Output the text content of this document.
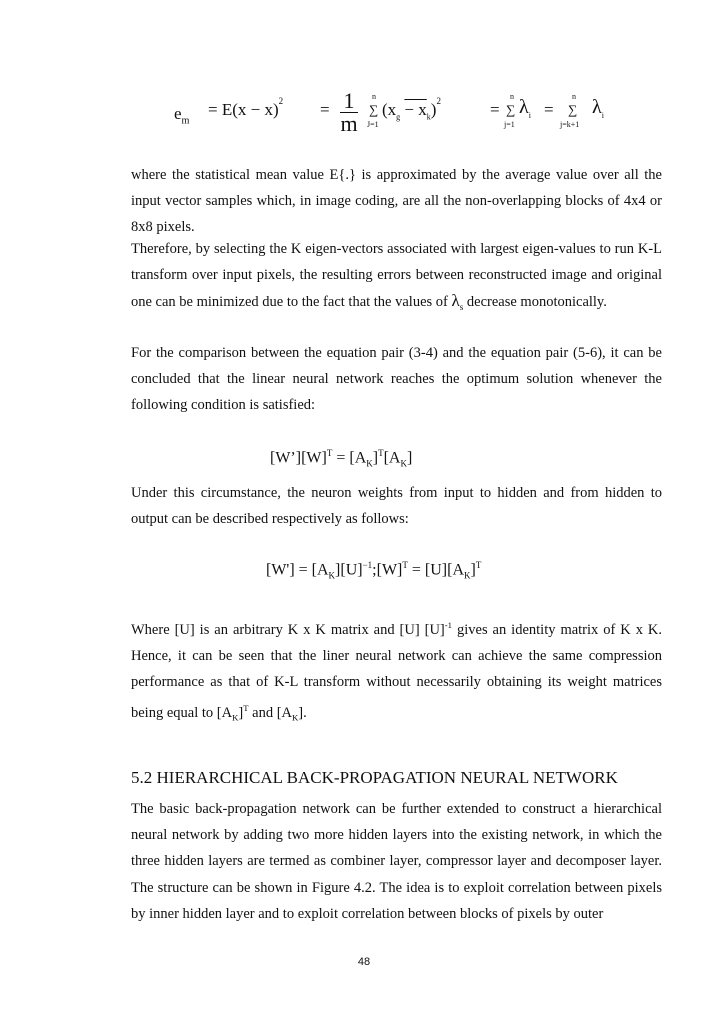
$e_m$
= $E(x - x)^2 = 1$
m
n
∑
J=1
$(x_g - x_k)^2$	=
n
∑
j=1
$\lambda_i$ =
n
∑
j=k+1
$\lambda_i$

where the statistical mean value E{.} is approximated by the average value over all the input vector samples which, in image coding, are all the non-overlapping blocks of 4x4 or 8x8 pixels.

Therefore, by selecting the K eigen-vectors associated with largest eigen-values to run K-L transform over input pixels, the resulting errors between reconstructed image and original one can be minimized due to the fact that the values of $\lambda_s$ decrease monotonically.

For the comparison between the equation pair (3-4) and the equation pair (5-6), it can be concluded that the linear neural network reaches the optimum solution whenever the following condition is satisfied:

$[W’][W]^T = [A_K]^T[A_K]$

Under this circumstance, the neuron weights from input to hidden and from hidden to output can be described respectively as follows:

$[W'] = [A_K][U]^{-1};[W]^T = [U][A_K]^T$

Where [U] is an arbitrary K x K matrix and [U] $[U]^{-1}$ gives an identity matrix of K x K. Hence, it can be seen that the liner neural network can achieve the same compression performance as that of K-L transform without necessarily obtaining its weight matrices being equal to $[A_K]^T$ and $[A_K]$.

5.2 HIERARCHICAL BACK-PROPAGATION NEURAL NETWORK

The basic back-propagation network can be further extended to construct a hierarchical neural network by adding two more hidden layers into the existing network, in which the three hidden layers are termed as combiner layer, compressor layer and decomposer layer. The structure can be shown in Figure 4.2. The idea is to exploit correlation between pixels by inner hidden layer and to exploit correlation between blocks of pixels by outer

48
